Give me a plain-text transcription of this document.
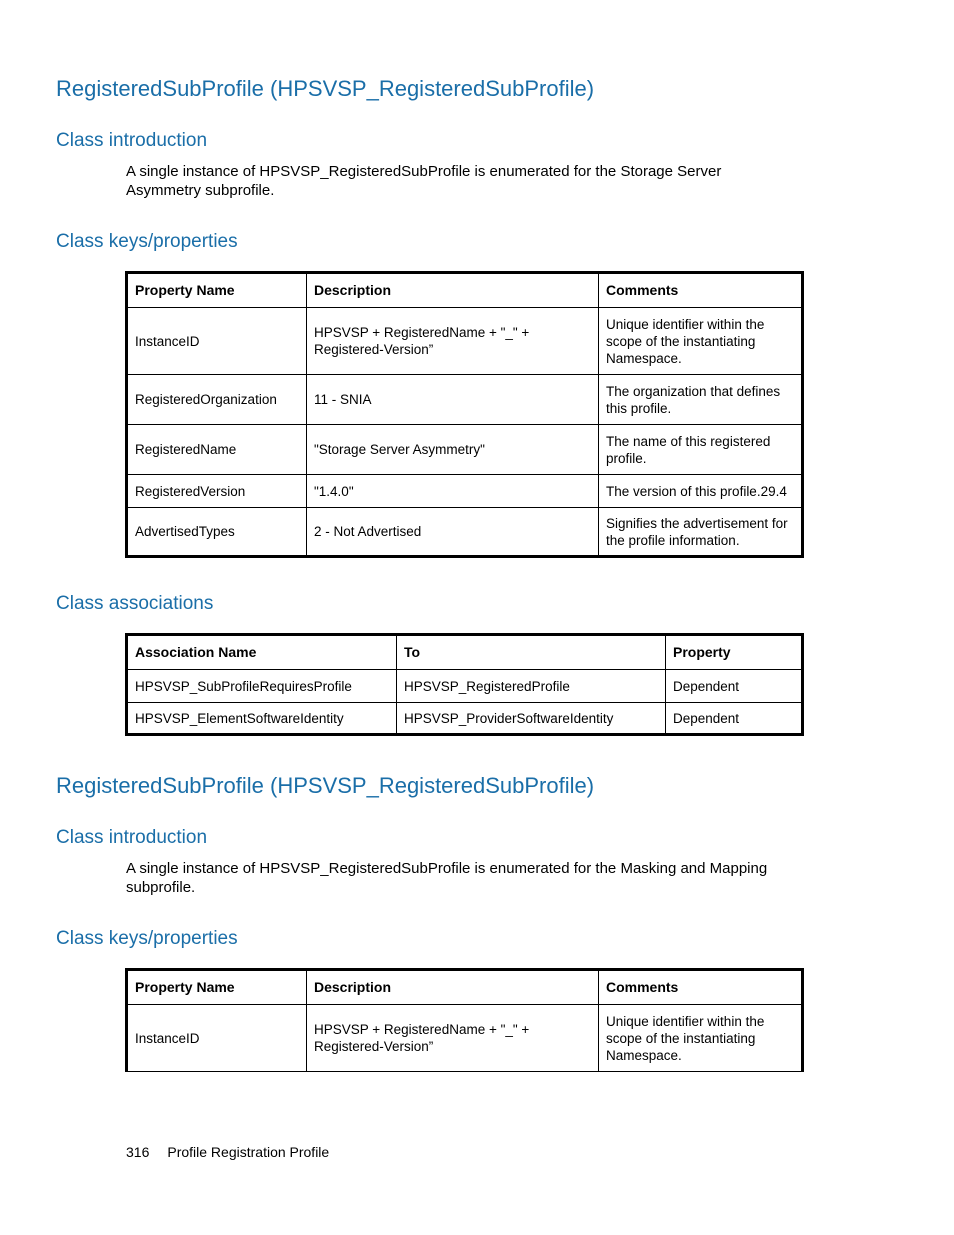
RegisteredSubProfile (HPSVSP_RegisteredSubProfile)
Class introduction

A single instance of HPSVSP_RegisteredSubProfile is enumerated for the Storage Server Asymmetry subprofile.

Class keys/properties
Property Name	Description	Comments
InstanceID	HPSVSP + RegisteredName + "_" + Registered-Version”	Unique identifier within the scope of the instantiating Namespace.
RegisteredOrganization	11 - SNIA	The organization that defines this profile.
RegisteredName	"Storage Server Asymmetry"	The name of this registered profile.
RegisteredVersion	"1.4.0"	The version of this profile.29.4
AdvertisedTypes	2 - Not Advertised	Signifies the advertisement for the profile information.
Class associations
Association Name	To	Property
HPSVSP_SubProfileRequiresProfile	HPSVSP_RegisteredProfile	Dependent
HPSVSP_ElementSoftwareIdentity	HPSVSP_ProviderSoftwareIdentity	Dependent
RegisteredSubProfile (HPSVSP_RegisteredSubProfile)
Class introduction

A single instance of HPSVSP_RegisteredSubProfile is enumerated for the Masking and Mapping subprofile.

Class keys/properties
Property Name	Description	Comments
InstanceID	HPSVSP + RegisteredName + "_" + Registered-Version”	Unique identifier within the scope of the instantiating Namespace.
316 Profile Registration Profile
